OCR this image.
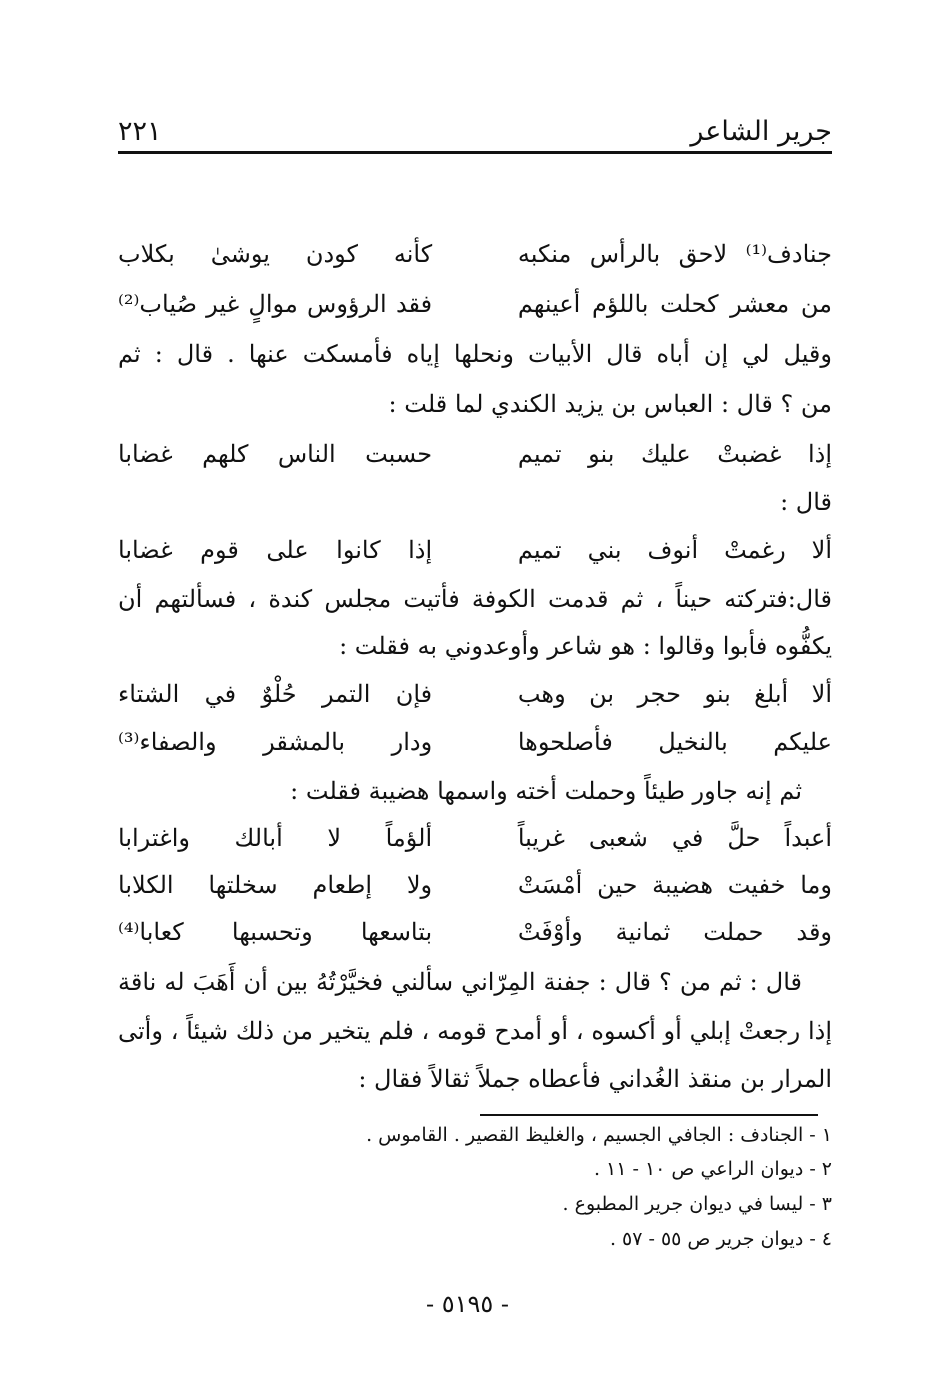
جرير الشاعر
٢٢١
جنادف⁽¹⁾ لاحق بالرأس منكبه
كأنه كودن يوشىٰ بكلاب
من معشر كحلت باللؤم أعينهم
فقد الرؤوس موالٍ غير صُياب⁽²⁾
وقيل لي إن أباه قال الأبيات ونحلها إياه فأمسكت عنها . قال : ثم
من ؟ قال : العباس بن يزيد الكندي لما قلت :
إذا غضبتْ عليك بنو تميم
حسبت الناس كلهم غضابا
قال :
ألا رغمتْ أنوف بني تميم
إذا كانوا على قوم غضابا
قال:فتركته حيناً ، ثم قدمت الكوفة فأتيت مجلس كندة ، فسألتهم أن
يكفُّوه فأبوا وقالوا : هو شاعر وأوعدوني به فقلت :
ألا أبلغ بنو حجر بن وهب
فإن التمر حُلْوٌ في الشتاء
عليكم بالنخيل فأصلحوها
ودار بالمشقر والصفاء⁽³⁾
ثم إنه جاور طيئاً وحملت أخته واسمها هضيبة فقلت :
أعبداً حلَّ في شعبى غريباً
ألؤماً لا أبالك واغترابا
وما خفيت هضيبة حين أمْسَتْ
ولا إطعام سخلتها الكلابا
وقد حملت ثمانية وأوْفَتْ
بتاسعها وتحسبها كعابا⁽⁴⁾
قال : ثم من ؟ قال : جفنة المِرّاني سألني فخيَّرْتُهُ بين أن أَهَبَ له ناقة
إذا رجعتْ إبلي أو أكسوه ، أو أمدح قومه ، فلم يتخير من ذلك شيئاً ، وأتى
المرار بن منقذ الغُداني فأعطاه جملاً ثقالاً فقال :
١ - الجنادف : الجافي الجسيم ، والغليظ القصير . القاموس .
٢ - ديوان الراعي ص ١٠ - ١١ .
٣ - ليسا في ديوان جرير المطبوع .
٤ - ديوان جرير ص ٥٥ - ٥٧ .
- ٥١٩٥ -
